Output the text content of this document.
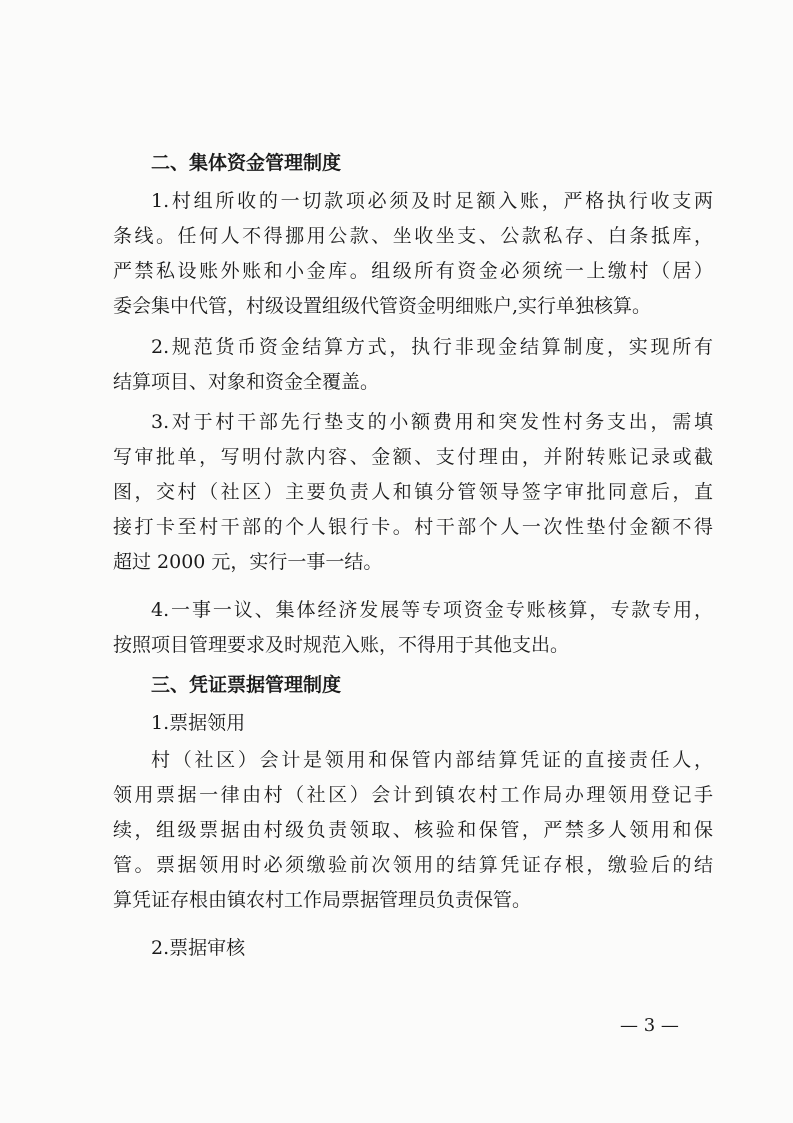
二、集体资金管理制度
1.村组所收的一切款项必须及时足额入账，严格执行收支两
条线。任何人不得挪用公款、坐收坐支、公款私存、白条抵库，
严禁私设账外账和小金库。组级所有资金必须统一上缴村（居）
委会集中代管，村级设置组级代管资金明细账户,实行单独核算。
2.规范货币资金结算方式，执行非现金结算制度，实现所有
结算项目、对象和资金全覆盖。
3.对于村干部先行垫支的小额费用和突发性村务支出，需填
写审批单，写明付款内容、金额、支付理由，并附转账记录或截
图，交村（社区）主要负责人和镇分管领导签字审批同意后，直
接打卡至村干部的个人银行卡。村干部个人一次性垫付金额不得
超过 2000 元，实行一事一结。
4.一事一议、集体经济发展等专项资金专账核算，专款专用，
按照项目管理要求及时规范入账，不得用于其他支出。
三、凭证票据管理制度
1.票据领用
村（社区）会计是领用和保管内部结算凭证的直接责任人，
领用票据一律由村（社区）会计到镇农村工作局办理领用登记手
续，组级票据由村级负责领取、核验和保管，严禁多人领用和保
管。票据领用时必须缴验前次领用的结算凭证存根，缴验后的结
算凭证存根由镇农村工作局票据管理员负责保管。
2.票据审核
— 3 —
